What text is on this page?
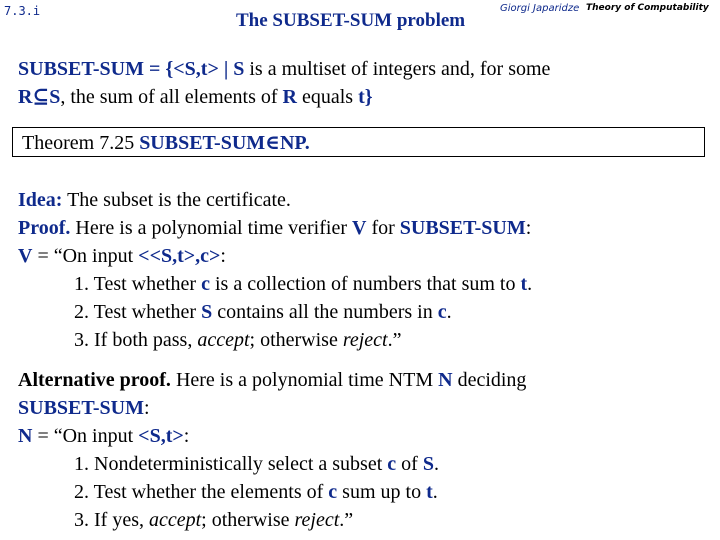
7.3.i	The SUBSET-SUM problem
Giorgi Japaridze Theory of Computability
SUBSET-SUM = {<S,t> | S is a multiset of integers and, for some
R⊆S, the sum of all elements of R equals t}
Theorem 7.25 SUBSET-SUM∈NP.
Idea: The subset is the certificate.
Proof. Here is a polynomial time verifier V for SUBSET-SUM:
V = “On input <<S,t>,c>:
1. Test whether c is a collection of numbers that sum to t.
2. Test whether S contains all the numbers in c.
3. If both pass, accept; otherwise reject.”
Alternative proof. Here is a polynomial time NTM N deciding
SUBSET-SUM:
N = “On input <S,t>:
1. Nondeterministically select a subset c of S.
2. Test whether the elements of c sum up to t.
3. If yes, accept; otherwise reject.”
